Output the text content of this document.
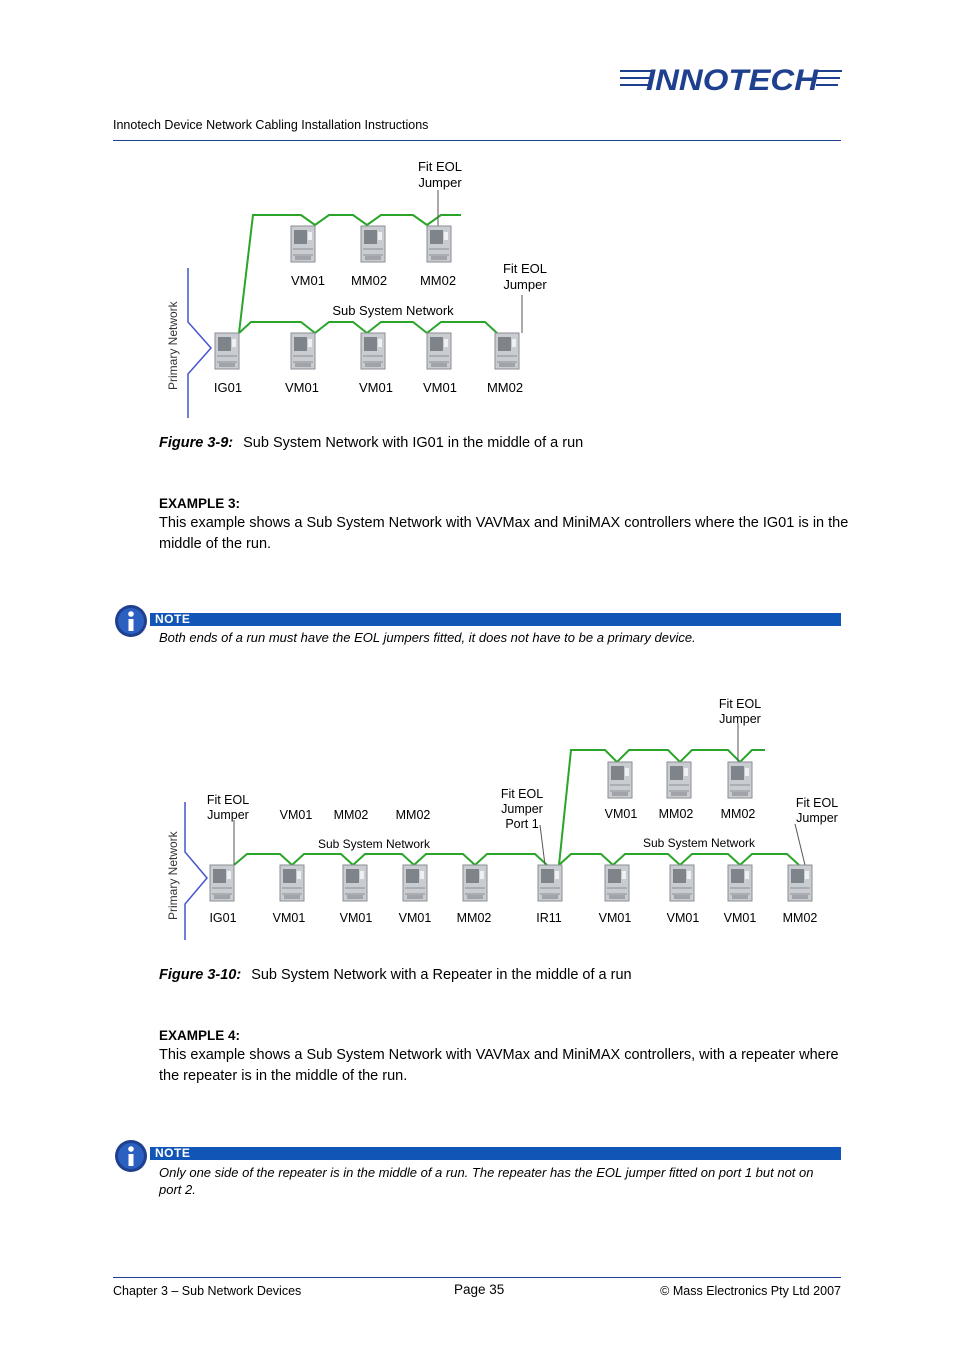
INNOTECH
Innotech Device Network Cabling Installation Instructions
Primary Network
Fit EOL
Jumper
Fit EOL
Jumper
Sub System Network
VM01 MM02	MM02
IG01	VM01	VM01 VM01 MM02
Figure 3-9: Sub System Network with IG01 in the middle of a run
EXAMPLE 3:
This example shows a Sub System Network with VAVMax and MiniMAX controllers where the IG01 is in the middle of the run.
NOTE
Both ends of a run must have the EOL jumpers fitted, it does not have to be a primary device.
Primary Network
Fit EOL
Jumper VM01 MM02 MM02
Fit EOL
Jumper
Port 1
Fit EOL
Jumper
Fit EOL
Jumper
Sub System Network	Sub System Network
VM01 MM02 MM02
IG01	VM01	VM01 VM01 MM02	IR11	VM01	VM01 VM01 MM02
Figure 3-10: Sub System Network with a Repeater in the middle of a run
EXAMPLE 4:
This example shows a Sub System Network with VAVMax and MiniMAX controllers, with a repeater where the repeater is in the middle of the run.
NOTE
Only one side of the repeater is in the middle of a run. The repeater has the EOL jumper fitted on port 1 but not on port 2.
Chapter 3 – Sub Network Devices	Page 35	© Mass Electronics Pty Ltd 2007
